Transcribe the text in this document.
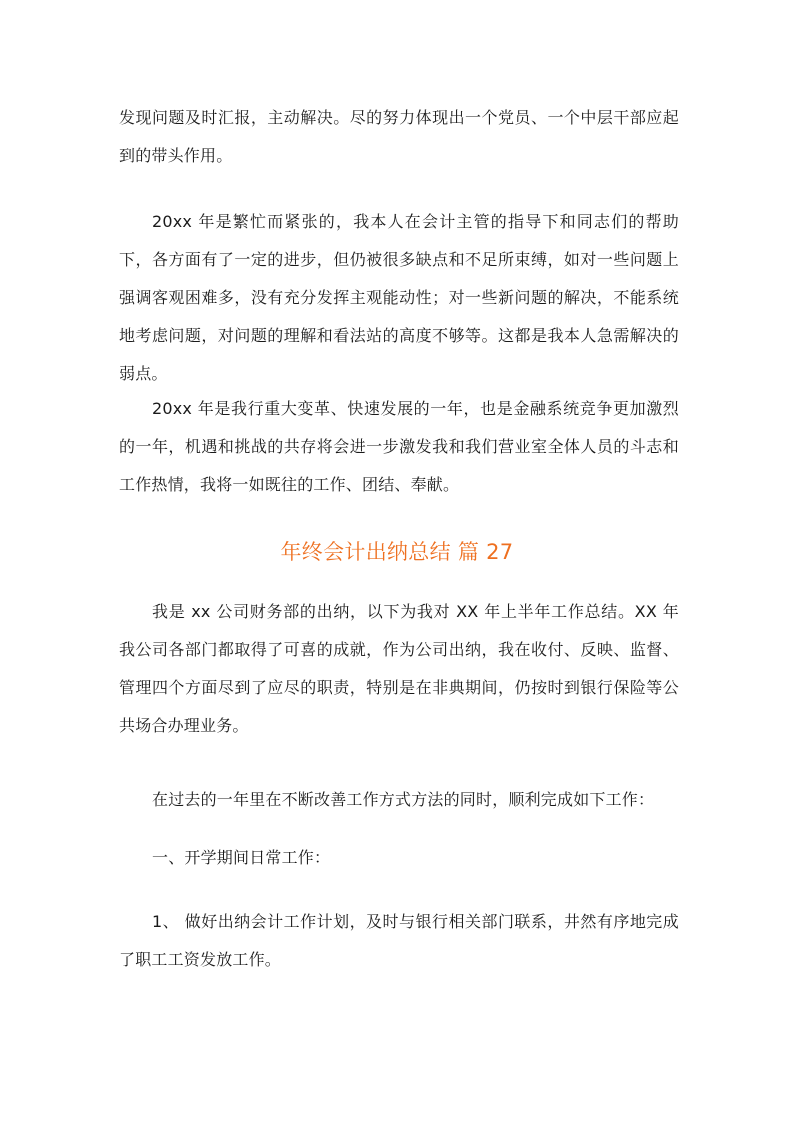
发现问题及时汇报，主动解决。尽的努力体现出一个党员、一个中层干部应起到的带头作用。

20xx 年是繁忙而紧张的，我本人在会计主管的指导下和同志们的帮助下，各方面有了一定的进步，但仍被很多缺点和不足所束缚，如对一些问题上强调客观困难多，没有充分发挥主观能动性；对一些新问题的解决，不能系统地考虑问题，对问题的理解和看法站的高度不够等。这都是我本人急需解决的弱点。

20xx 年是我行重大变革、快速发展的一年，也是金融系统竞争更加激烈的一年，机遇和挑战的共存将会进一步激发我和我们营业室全体人员的斗志和工作热情，我将一如既往的工作、团结、奉献。

年终会计出纳总结 篇 27

我是 xx 公司财务部的出纳，以下为我对 XX 年上半年工作总结。XX 年我公司各部门都取得了可喜的成就，作为公司出纳，我在收付、反映、监督、管理四个方面尽到了应尽的职责，特别是在非典期间，仍按时到银行保险等公共场合办理业务。

在过去的一年里在不断改善工作方式方法的同时，顺利完成如下工作：

一、开学期间日常工作：

1、 做好出纳会计工作计划，及时与银行相关部门联系，井然有序地完成了职工工资发放工作。
